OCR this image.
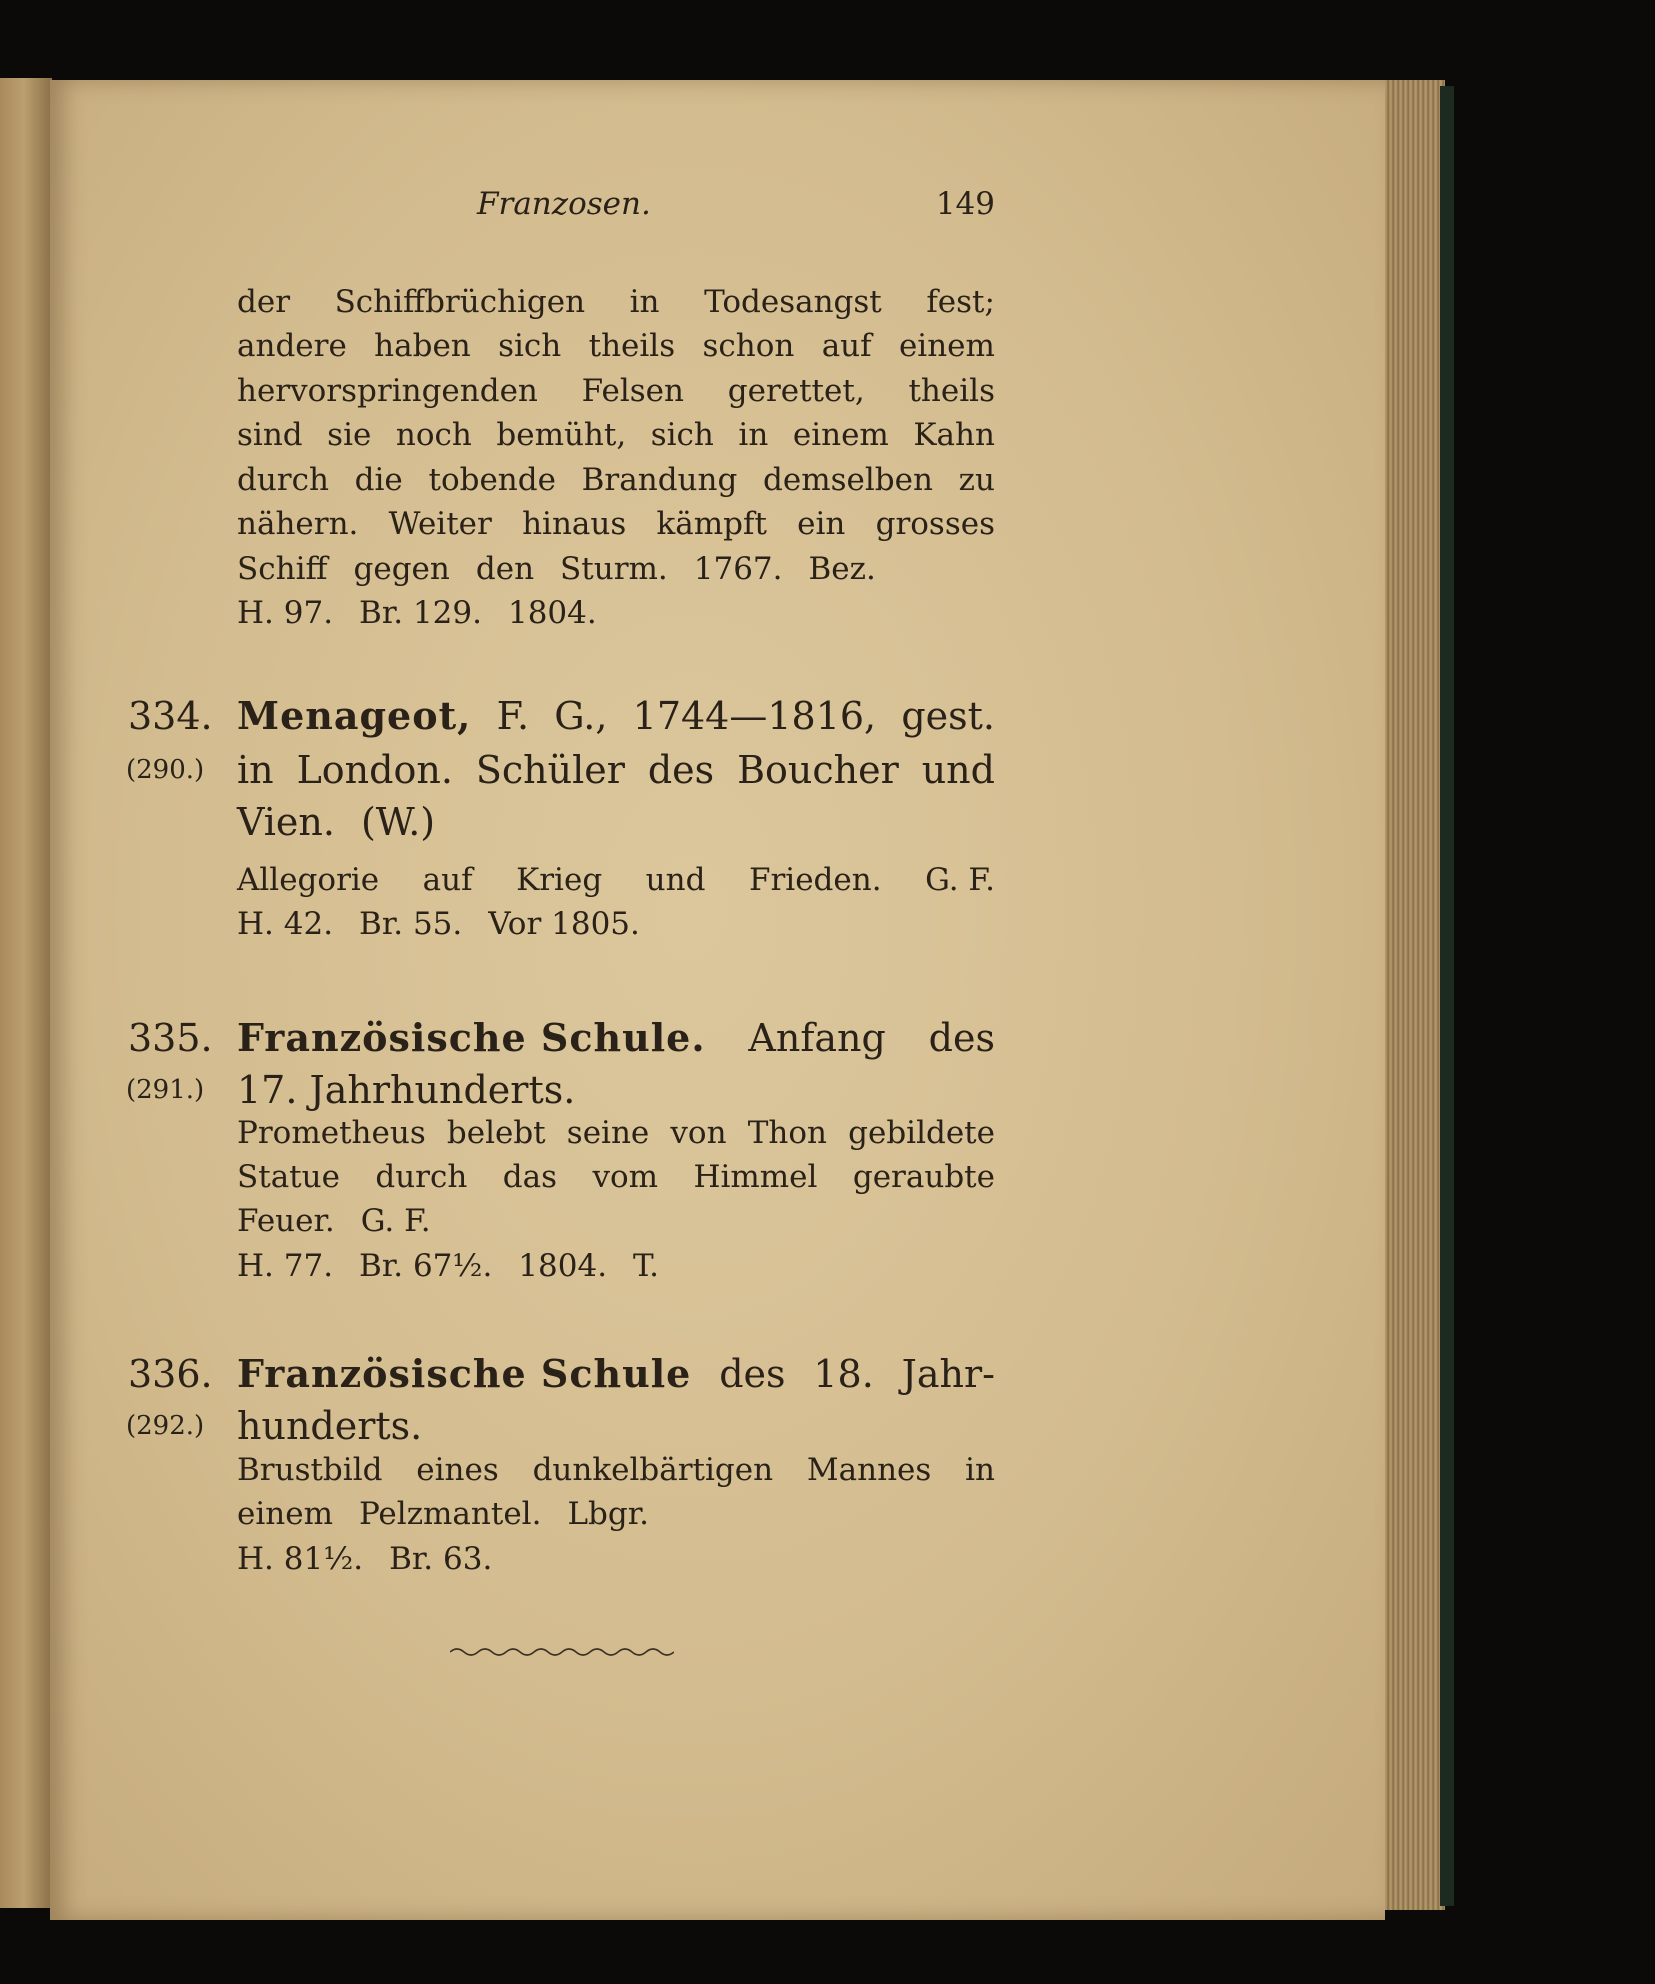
Franzosen.	149
der Schiffbrüchigen in Todesangst fest;
andere haben sich theils schon auf einem
hervorspringenden Felsen gerettet, theils
sind sie noch bemüht, sich in einem Kahn
durch die tobende Brandung demselben zu
nähern. Weiter hinaus kämpft ein grosses
Schiff gegen den Sturm. 1767. Bez.
H. 97. Br. 129. 1804.
334.
(290.)
Menageot, F. G., 1744—1816, gest.
in London. Schüler des Boucher und
Vien. (W.)
Allegorie auf Krieg und Frieden. G. F.
H. 42. Br. 55. Vor 1805.
335.
(291.)
Französische Schule. Anfang des
17. Jahrhunderts.
Prometheus belebt seine von Thon gebildete
Statue durch das vom Himmel geraubte
Feuer. G. F.
H. 77. Br. 67½. 1804. T.
336.
(292.)
Französische Schule des 18. Jahr-
hunderts.
Brustbild eines dunkelbärtigen Mannes in
einem Pelzmantel. Lbgr.
H. 81½. Br. 63.
